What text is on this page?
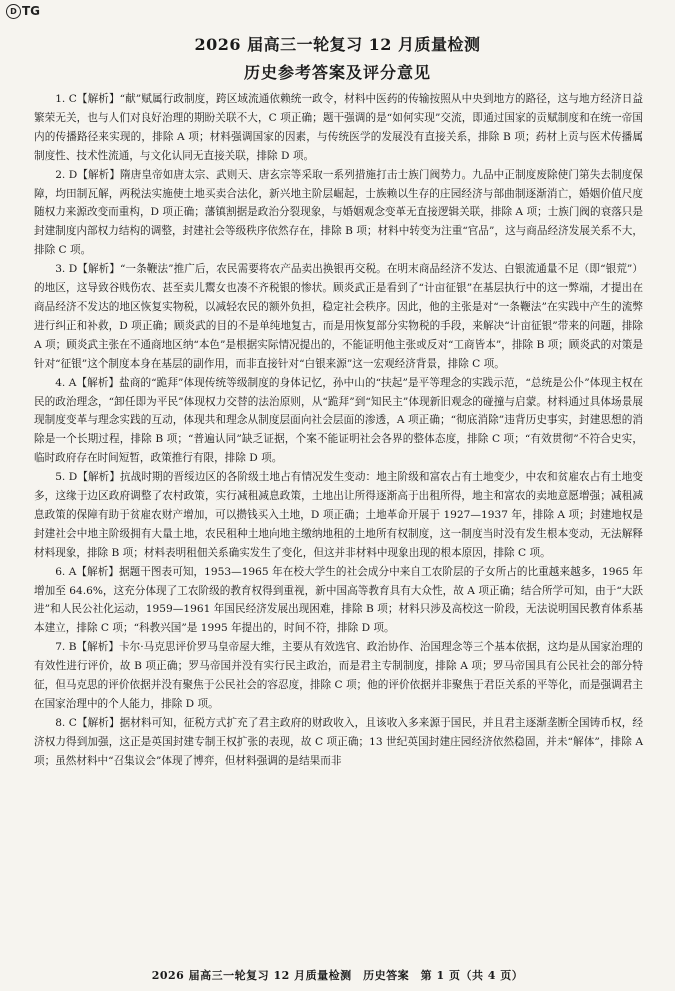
D TG
2026 届高三一轮复习 12 月质量检测
历史参考答案及评分意见

1. C【解析】“献”赋属行政制度，跨区域流通依赖统一政令，材料中医药的传输按照从中央到地方的路径，这与地方经济日益繁荣无关，也与人们对良好治理的期盼关联不大，C 项正确；题干强调的是“如何实现”交流，即通过国家的贡赋制度和在统一帝国内的传播路径来实现的，排除 A 项；材料强调国家的因素，与传统医学的发展没有直接关系，排除 B 项；药材上贡与医术传播属制度性、技术性流通，与文化认同无直接关联，排除 D 项。

2. D【解析】隋唐皇帝如唐太宗、武则天、唐玄宗等采取一系列措施打击士族门阀势力。九品中正制度废除使门第失去制度保障，均田制瓦解，两税法实施使土地买卖合法化，新兴地主阶层崛起，士族赖以生存的庄园经济与部曲制逐渐消亡，婚姻价值尺度随权力来源改变而重构，D 项正确；藩镇割据是政治分裂现象，与婚姻观念变革无直接逻辑关联，排除 A 项；士族门阀的衰落只是封建制度内部权力结构的调整，封建社会等级秩序依然存在，排除 B 项；材料中转变为注重“官品”，这与商品经济发展关系不大，排除 C 项。

3. D【解析】“一条鞭法”推广后，农民需要将农产品卖出换银再交税。在明末商品经济不发达、白银流通量不足（即“银荒”）的地区，这导致谷贱伤农、甚至卖儿鬻女也凑不齐税银的惨状。顾炎武正是看到了“计亩征银”在基层执行中的这一弊端，才提出在商品经济不发达的地区恢复实物税，以减轻农民的额外负担，稳定社会秩序。因此，他的主张是对“一条鞭法”在实践中产生的流弊进行纠正和补救，D 项正确；顾炎武的目的不是单纯地复古，而是用恢复部分实物税的手段，来解决“计亩征银”带来的问题，排除 A 项；顾炎武主张在不通商地区纳“本色”是根据实际情况提出的，不能证明他主张或反对“工商皆本”，排除 B 项；顾炎武的对策是针对“征银”这个制度本身在基层的副作用，而非直接针对“白银来源”这一宏观经济背景，排除 C 项。

4. A【解析】盐商的“跪拜”体现传统等级制度的身体记忆，孙中山的“扶起”是平等理念的实践示范，“总统是公仆”体现主权在民的政治理念，“卸任即为平民”体现权力交替的法治原则，从“跪拜”到“知民主”体现新旧观念的碰撞与启蒙。材料通过具体场景展现制度变革与理念实践的互动，体现共和理念从制度层面向社会层面的渗透，A 项正确；“彻底消除”违背历史事实，封建思想的消除是一个长期过程，排除 B 项；“普遍认同”缺乏证据，个案不能证明社会各界的整体态度，排除 C 项；“有效贯彻”不符合史实，临时政府存在时间短暂，政策推行有限，排除 D 项。

5. D【解析】抗战时期的晋绥边区的各阶级土地占有情况发生变动：地主阶级和富农占有土地变少，中农和贫雇农占有土地变多，这缘于边区政府调整了农村政策，实行减租减息政策，土地出让所得逐渐高于出租所得，地主和富农的卖地意愿增强；减租减息政策的保障有助于贫雇农财产增加，可以攒钱买入土地，D 项正确；土地革命开展于 1927—1937 年，排除 A 项；封建地权是封建社会中地主阶级拥有大量土地，农民租种土地向地主缴纳地租的土地所有权制度，这一制度当时没有发生根本变动，无法解释材料现象，排除 B 项；材料表明租佃关系确实发生了变化，但这并非材料中现象出现的根本原因，排除 C 项。

6. A【解析】据题干图表可知，1953—1965 年在校大学生的社会成分中来自工农阶层的子女所占的比重越来越多，1965 年增加至 64.6%，这充分体现了工农阶级的教育权得到重视，新中国高等教育具有大众性，故 A 项正确；结合所学可知，由于“大跃进”和人民公社化运动，1959—1961 年国民经济发展出现困难，排除 B 项；材料只涉及高校这一阶段，无法说明国民教育体系基本建立，排除 C 项；“科教兴国”是 1995 年提出的，时间不符，排除 D 项。

7. B【解析】卡尔·马克思评价罗马皇帝屋大维，主要从有效选官、政治协作、治国理念等三个基本依据，这均是从国家治理的有效性进行评价，故 B 项正确；罗马帝国并没有实行民主政治，而是君主专制制度，排除 A 项；罗马帝国具有公民社会的部分特征，但马克思的评价依据并没有聚焦于公民社会的容忍度，排除 C 项；他的评价依据并非聚焦于君臣关系的平等化，而是强调君主在国家治理中的个人能力，排除 D 项。

8. C【解析】据材料可知，征税方式扩充了君主政府的财政收入，且该收入多来源于国民，并且君主逐渐垄断全国铸币权，经济权力得到加强，这正是英国封建专制王权扩张的表现，故 C 项正确；13 世纪英国封建庄园经济依然稳固，并未“解体”，排除 A 项；虽然材料中“召集议会”体现了博弈，但材料强调的是结果而非

2026 届高三一轮复习 12 月质量检测　历史答案　第 1 页（共 4 页）
